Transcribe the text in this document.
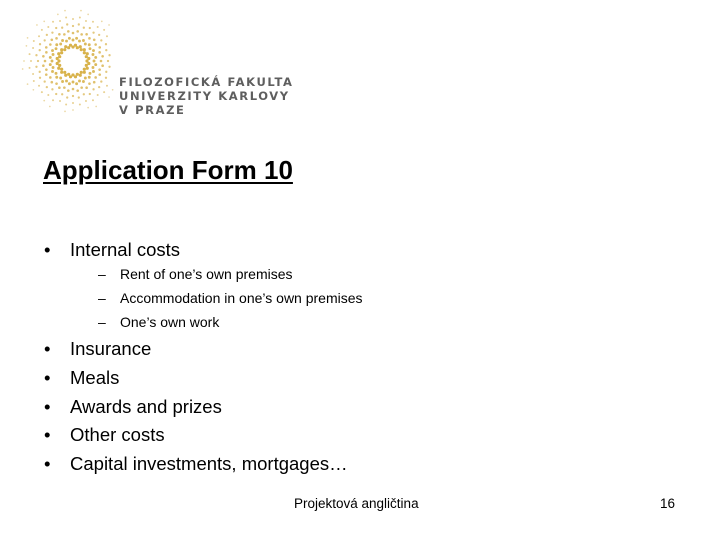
FILOZOFICKÁ FAKULTA
UNIVERZITY KARLOVY
V PRAZE
Application Form 10
•	Internal costs
– Rent of one’s own premises
– Accommodation in one’s own premises
– One’s own work
•	Insurance
•	Meals
•	Awards and prizes
•	Other costs
•	Capital investments, mortgages…
Projektová angličtina	16
